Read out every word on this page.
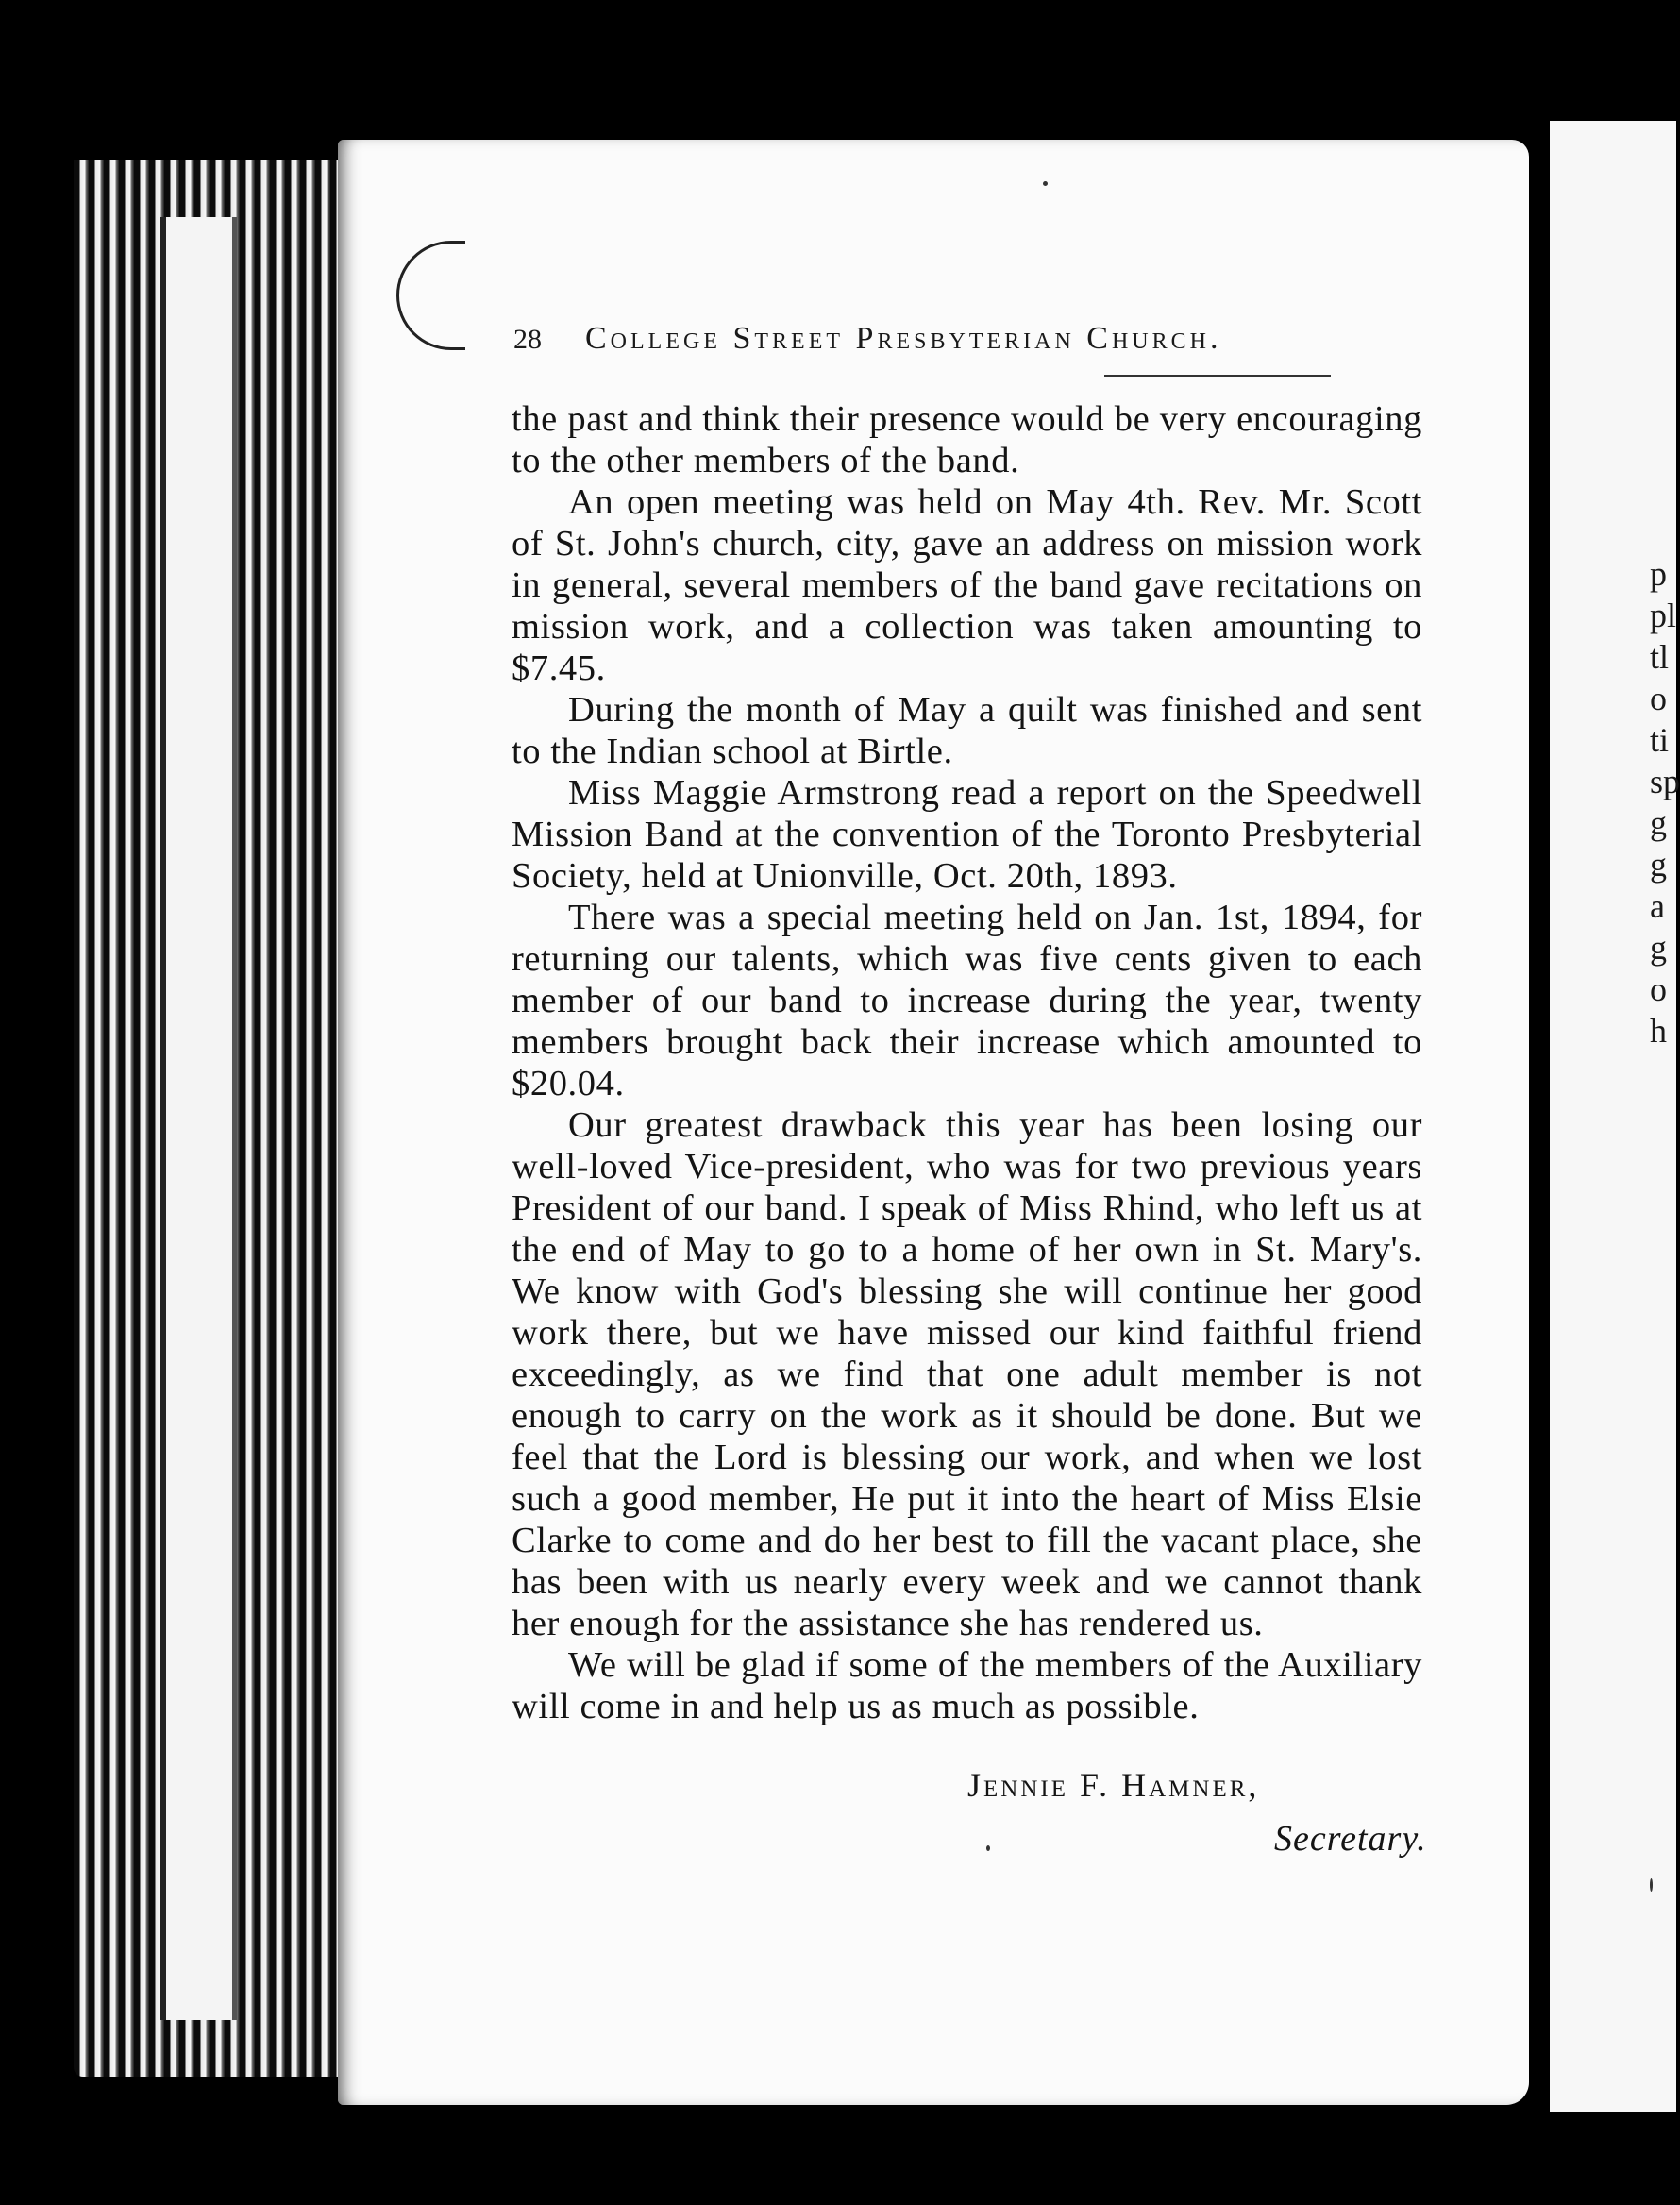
p
pl
tl
o
ti
sp
g
g
a
g
o
h
28	College Street Presbyterian Church.

the past and think their presence would be very encouraging to the other members of the band.

An open meeting was held on May 4th. Rev. Mr. Scott of St. John's church, city, gave an address on mission work in general, several members of the band gave recitations on mission work, and a collection was taken amounting to $7.45.

During the month of May a quilt was finished and sent to the Indian school at Birtle.

Miss Maggie Armstrong read a report on the Speedwell Mission Band at the convention of the Toronto Presbyterial Society, held at Unionville, Oct. 20th, 1893.

There was a special meeting held on Jan. 1st, 1894, for returning our talents, which was five cents given to each member of our band to increase during the year, twenty members brought back their increase which amounted to $20.04.

Our greatest drawback this year has been losing our well-loved Vice-president, who was for two previous years President of our band. I speak of Miss Rhind, who left us at the end of May to go to a home of her own in St. Mary's. We know with God's blessing she will continue her good work there, but we have missed our kind faithful friend exceedingly, as we find that one adult member is not enough to carry on the work as it should be done. But we feel that the Lord is blessing our work, and when we lost such a good member, He put it into the heart of Miss Elsie Clarke to come and do her best to fill the vacant place, she has been with us nearly every week and we cannot thank her enough for the assistance she has rendered us.

We will be glad if some of the members of the Auxiliary will come in and help us as much as possible.

Jennie F. Hamner,
Secretary.
